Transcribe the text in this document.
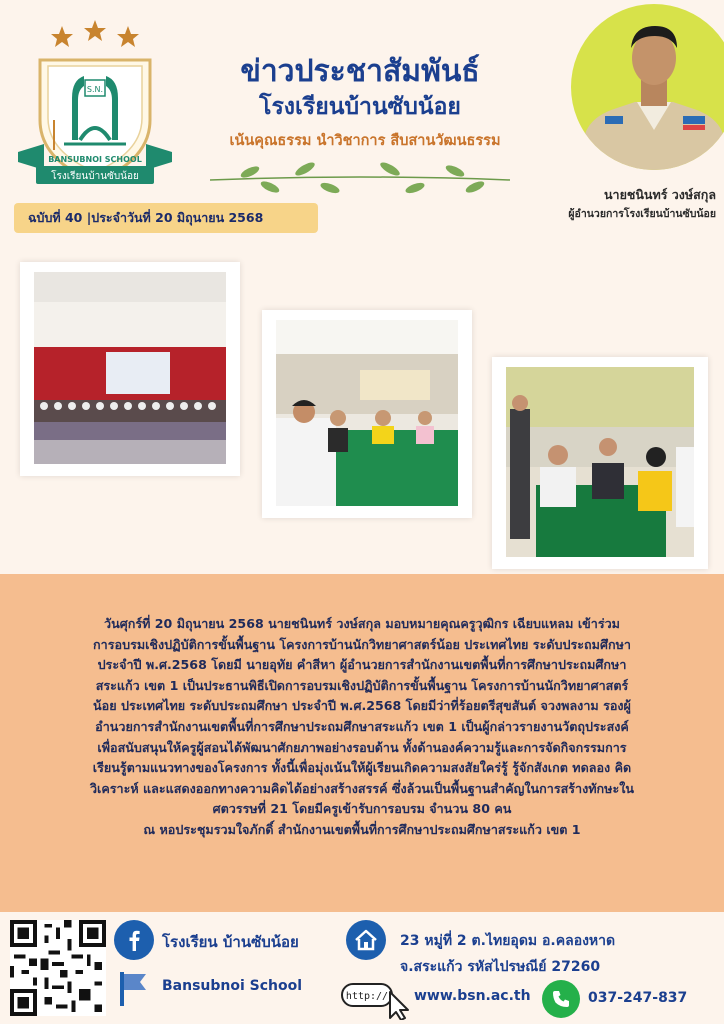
S.N.
BANSUBNOI SCHOOL
โรงเรียนบ้านซับน้อย
ข่าวประชาสัมพันธ์
โรงเรียนบ้านซับน้อย
เน้นคุณธรรม นำวิชาการ สืบสานวัฒนธรรม
ฉบับที่ 40 |ประจำวันที่ 20 มิถุนายน 2568
นายชนินทร์ วงษ์สกุล
ผู้อำนวยการโรงเรียนบ้านซับน้อย
วันศุกร์ที่ 20 มิถุนายน 2568 นายชนินทร์ วงษ์สกุล มอบหมายคุณครูวุฒิกร เฉียบแหลม เข้าร่วม
การอบรมเชิงปฏิบัติการขั้นพื้นฐาน โครงการบ้านนักวิทยาศาสตร์น้อย ประเทศไทย ระดับประถมศึกษา
ประจำปี พ.ศ.2568 โดยมี นายอุทัย คำสีหา ผู้อำนวยการสำนักงานเขตพื้นที่การศึกษาประถมศึกษา
สระแก้ว เขต 1 เป็นประธานพิธีเปิดการอบรมเชิงปฏิบัติการขั้นพื้นฐาน โครงการบ้านนักวิทยาศาสตร์
น้อย ประเทศไทย ระดับประถมศึกษา ประจำปี พ.ศ.2568 โดยมีว่าที่ร้อยตรีสุขสันต์ จวงพลงาม รองผู้
อำนวยการสำนักงานเขตพื้นที่การศึกษาประถมศึกษาสระแก้ว เขต 1 เป็นผู้กล่าวรายงานวัตถุประสงค์
เพื่อสนับสนุนให้ครูผู้สอนได้พัฒนาศักยภาพอย่างรอบด้าน ทั้งด้านองค์ความรู้และการจัดกิจกรรมการ
เรียนรู้ตามแนวทางของโครงการ ทั้งนี้เพื่อมุ่งเน้นให้ผู้เรียนเกิดความสงสัยใคร่รู้ รู้จักสังเกต ทดลอง คิด
วิเคราะห์ และแสดงออกทางความคิดได้อย่างสร้างสรรค์ ซึ่งล้วนเป็นพื้นฐานสำคัญในการสร้างทักษะใน
ศตวรรษที่ 21 โดยมีครูเข้ารับการอบรม จำนวน 80 คน
ณ หอประชุมรวมใจภักดิ์ สำนักงานเขตพื้นที่การศึกษาประถมศึกษาสระแก้ว เขต 1
โรงเรียน บ้านซับน้อย
Bansubnoi School
23 หมู่ที่ 2 ต.ไทยอุดม อ.คลองหาด
จ.สระแก้ว รหัสไปรษณีย์ 27260
http:// www.bsn.ac.th	037-247-837
